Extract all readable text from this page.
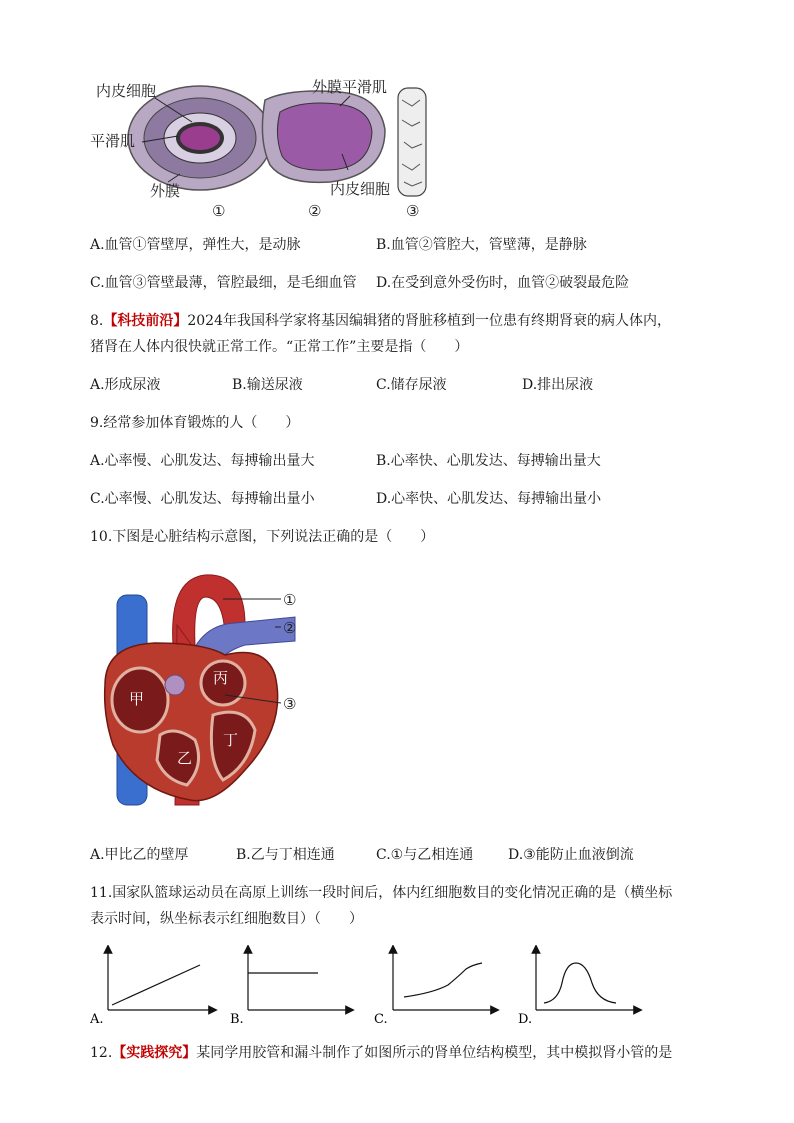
内皮细胞
平滑肌
外膜
外膜平滑肌
内皮细胞
①	②	③
A.血管①管壁厚，弹性大，是动脉	B.血管②管腔大，管壁薄，是静脉
C.血管③管壁最薄，管腔最细，是毛细血管 D.在受到意外受伤时，血管②破裂最危险
8.【科技前沿】2024年我国科学家将基因编辑猪的肾脏移植到一位患有终期肾衰的病人体内，
猪肾在人体内很快就正常工作。“正常工作”主要是指（　　）
A.形成尿液	B.输送尿液	C.储存尿液	D.排出尿液
9.经常参加体育锻炼的人（　　）
A.心率慢、心肌发达、每搏输出量大	B.心率快、心肌发达、每搏输出量大
C.心率慢、心肌发达、每搏输出量小	D.心率快、心肌发达、每搏输出量小
10.下图是心脏结构示意图，下列说法正确的是（　　）
甲
乙
丙
丁
①
②
③
A.甲比乙的壁厚	B.乙与丁相连通	C.①与乙相连通 D.③能防止血液倒流
11.国家队篮球运动员在高原上训练一段时间后，体内红细胞数目的变化情况正确的是（横坐标
表示时间，纵坐标表示红细胞数目）（　　）
A.	B.	C.	D.
12.【实践探究】某同学用胶管和漏斗制作了如图所示的肾单位结构模型，其中模拟肾小管的是
